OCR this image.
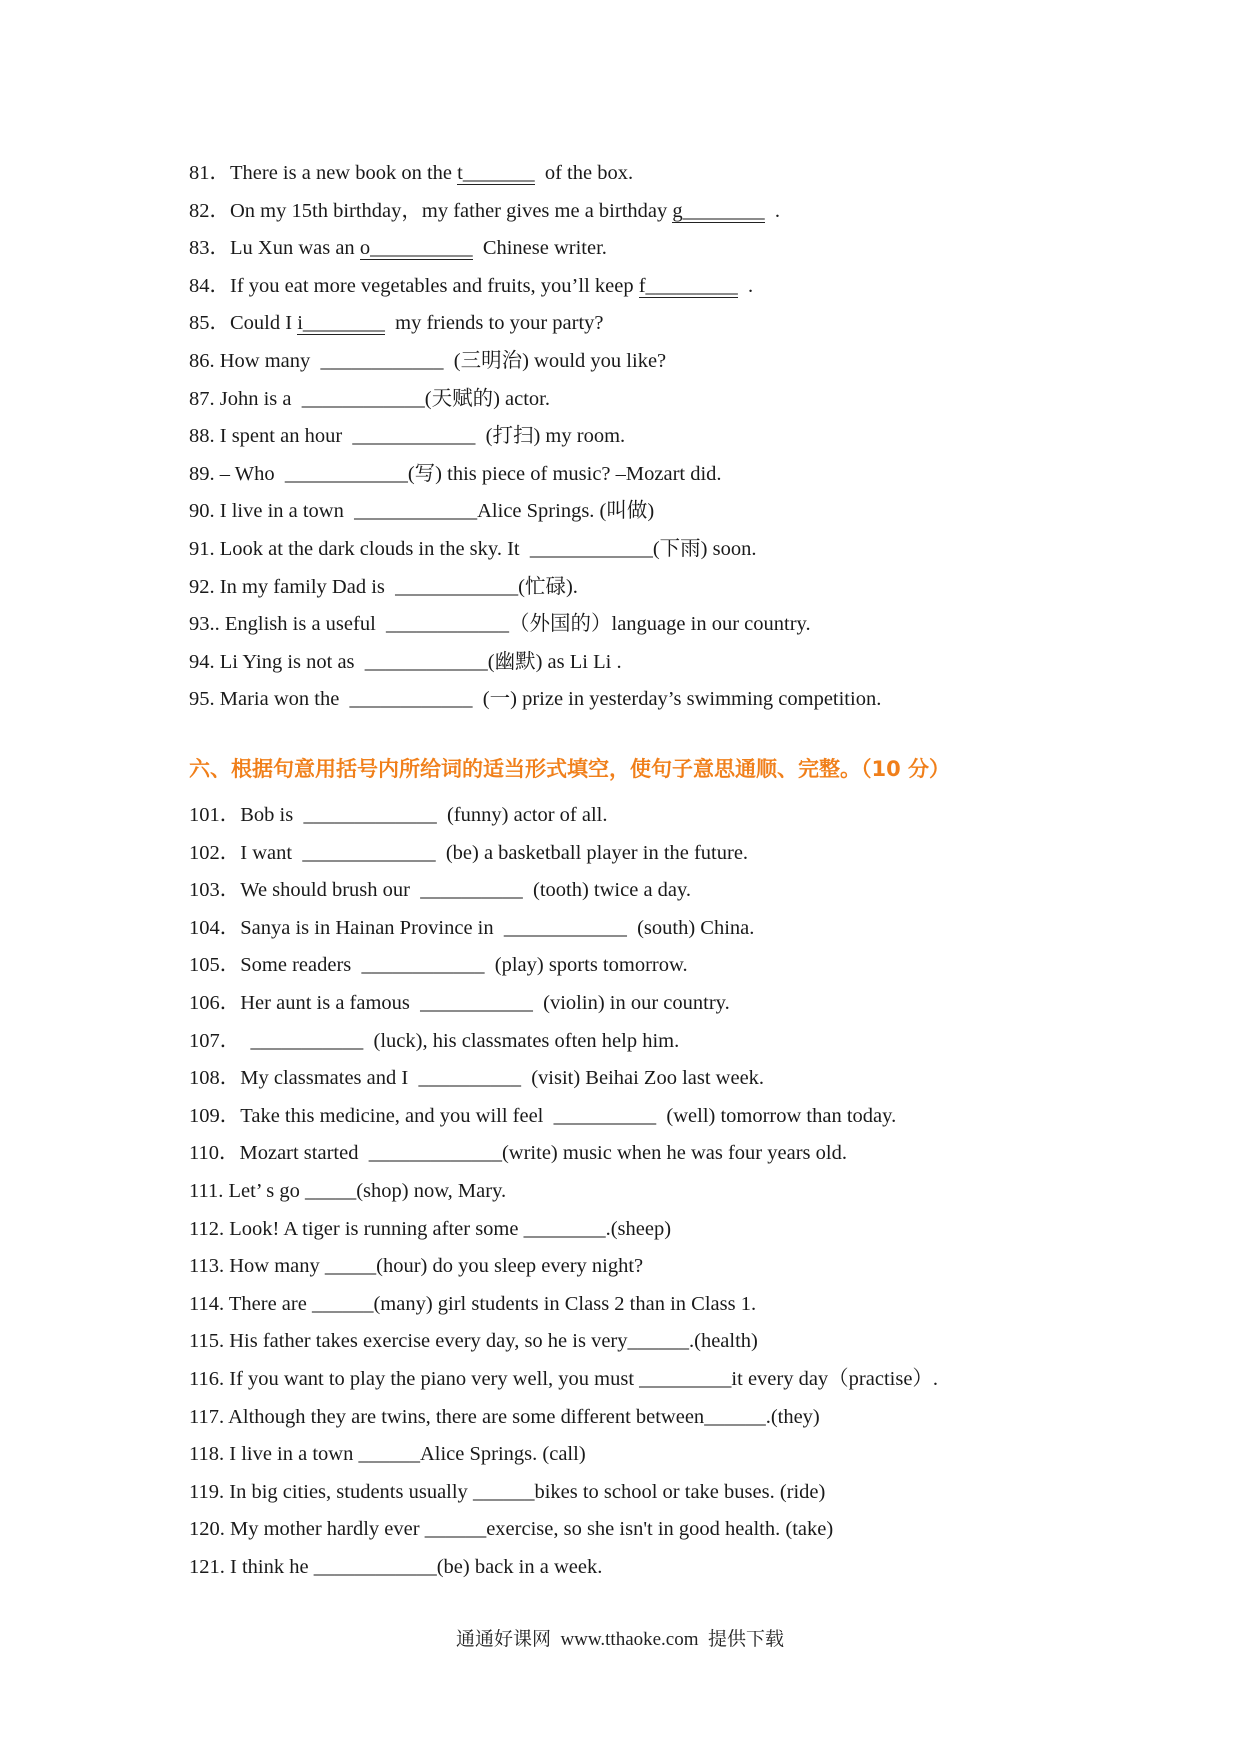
81．There is a new book on the t_______  of the box.
82．On my 15th birthday，my father gives me a birthday g________  .
83．Lu Xun was an o__________  Chinese writer.
84．If you eat more vegetables and fruits, you’ll keep f_________  .
85．Could I i________  my friends to your party?
86. How many  ____________  (三明治) would you like?
87. John is a  ____________(天赋的) actor.
88. I spent an hour  ____________  (打扫) my room.
89. – Who  ____________(写) this piece of music? –Mozart did.
90. I live in a town  ____________Alice Springs. (叫做)
91. Look at the dark clouds in the sky. It  ____________(下雨) soon.
92. In my family Dad is  ____________(忙碌).
93.. English is a useful  ____________（外国的）language in our country.
94. Li Ying is not as  ____________(幽默) as Li Li .
95. Maria won the  ____________  (一) prize in yesterday’s swimming competition.
六、根据句意用括号内所给词的适当形式填空，使句子意思通顺、完整。（10 分）
101．Bob is  _____________  (funny) actor of all.
102．I want  _____________  (be) a basketball player in the future.
103．We should brush our  __________  (tooth) twice a day.
104．Sanya is in Hainan Province in  ____________  (south) China.
105．Some readers  ____________  (play) sports tomorrow.
106．Her aunt is a famous  ___________  (violin) in our country.
107．  ___________  (luck), his classmates often help him.
108．My classmates and I  __________  (visit) Beihai Zoo last week.
109．Take this medicine, and you will feel  __________  (well) tomorrow than today.
110．Mozart started  _____________(write) music when he was four years old.
111. Let’ s go _____(shop) now, Mary.
112. Look! A tiger is running after some ________.(sheep)
113. How many _____(hour) do you sleep every night?
114. There are ______(many) girl students in Class 2 than in Class 1.
115. His father takes exercise every day, so he is very______.(health)
116. If you want to play the piano very well, you must _________it every day（practise）.
117. Although they are twins, there are some different between______.(they)
118. I live in a town ______Alice Springs. (call)
119. In big cities, students usually ______bikes to school or take buses. (ride)
120. My mother hardly ever ______exercise, so she isn't in good health. (take)
121. I think he ____________(be) back in a week.
通通好课网  www.tthaoke.com  提供下载
